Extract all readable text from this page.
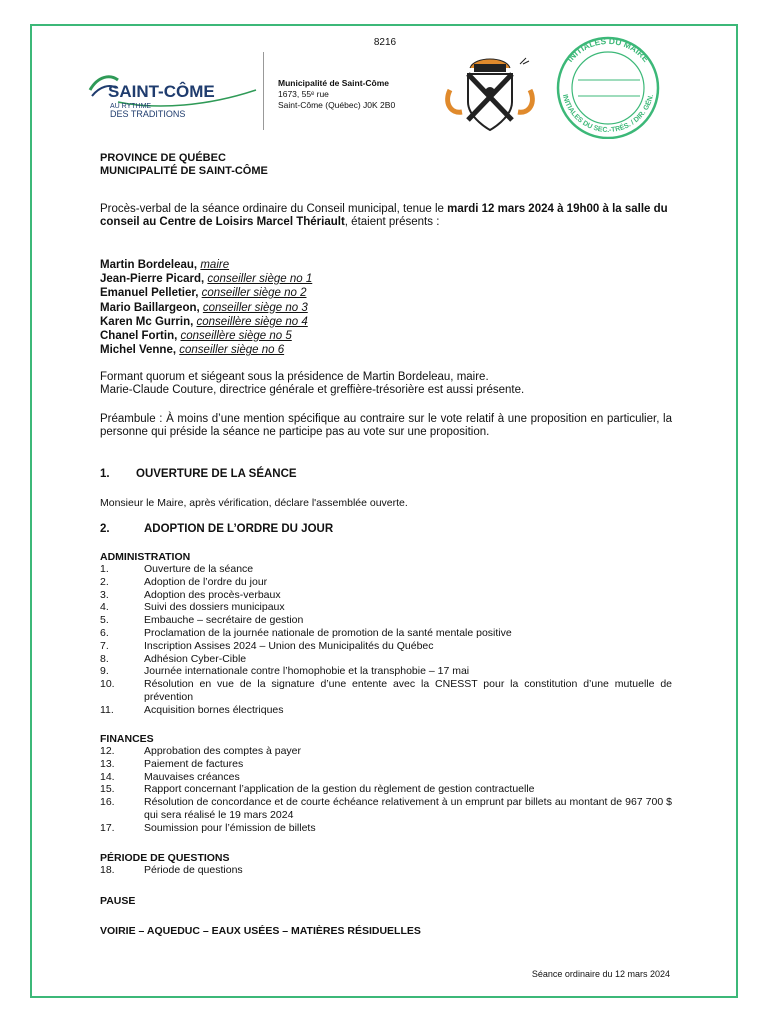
8216
SAINT-CÔME
AU RYTHME
DES TRADITIONS
Municipalité de Saint-Côme
1673, 55ᵉ rue
Saint-Côme (Québec) J0K 2B0
INITIALES DU MAIRE
INITIALES DU SEC.-TRÉS. / DIR. GÉN.
PROVINCE DE QUÉBEC
MUNICIPALITÉ DE SAINT-CÔME
Procès-verbal de la séance ordinaire du Conseil municipal, tenue le mardi 12 mars 2024 à 19h00 à la salle du conseil au Centre de Loisirs Marcel Thériault, étaient présents :
Martin Bordeleau, maire
Jean-Pierre Picard, conseiller siège no 1
Emanuel Pelletier, conseiller siège no 2
Mario Baillargeon, conseiller siège no 3
Karen Mc Gurrin, conseillère siège no 4
Chanel Fortin, conseillère siège no 5
Michel Venne, conseiller siège no 6
Formant quorum et siégeant sous la présidence de Martin Bordeleau, maire.
Marie-Claude Couture, directrice générale et greffière-trésorière est aussi présente.
Préambule : À moins d’une mention spécifique au contraire sur le vote relatif à une proposition en particulier, la personne qui préside la séance ne participe pas au vote sur une proposition.
1. OUVERTURE DE LA SÉANCE
Monsieur le Maire, après vérification, déclare l'assemblée ouverte.
2.	ADOPTION DE L’ORDRE DU JOUR
ADMINISTRATION
1.	Ouverture de la séance
2.	Adoption de l’ordre du jour
3.	Adoption des procès-verbaux
4.	Suivi des dossiers municipaux
5.	Embauche – secrétaire de gestion
6.	Proclamation de la journée nationale de promotion de la santé mentale positive
7.	Inscription Assises 2024 – Union des Municipalités du Québec
8.	Adhésion Cyber-Cible
9.	Journée internationale contre l’homophobie et la transphobie – 17 mai
10.	Résolution en vue de la signature d’une entente avec la CNESST pour la constitution d’une mutuelle de prévention
11.	Acquisition bornes électriques
FINANCES
12.	Approbation des comptes à payer
13.	Paiement de factures
14.	Mauvaises créances
15.	Rapport concernant l’application de la gestion du règlement de gestion contractuelle
16.	Résolution de concordance et de courte échéance relativement à un emprunt par billets au montant de 967 700 $ qui sera réalisé le 19 mars 2024
17.	Soumission pour l’émission de billets
PÉRIODE DE QUESTIONS
18.	Période de questions
PAUSE
VOIRIE – AQUEDUC – EAUX USÉES – MATIÈRES RÉSIDUELLES
Séance ordinaire du 12 mars 2024
